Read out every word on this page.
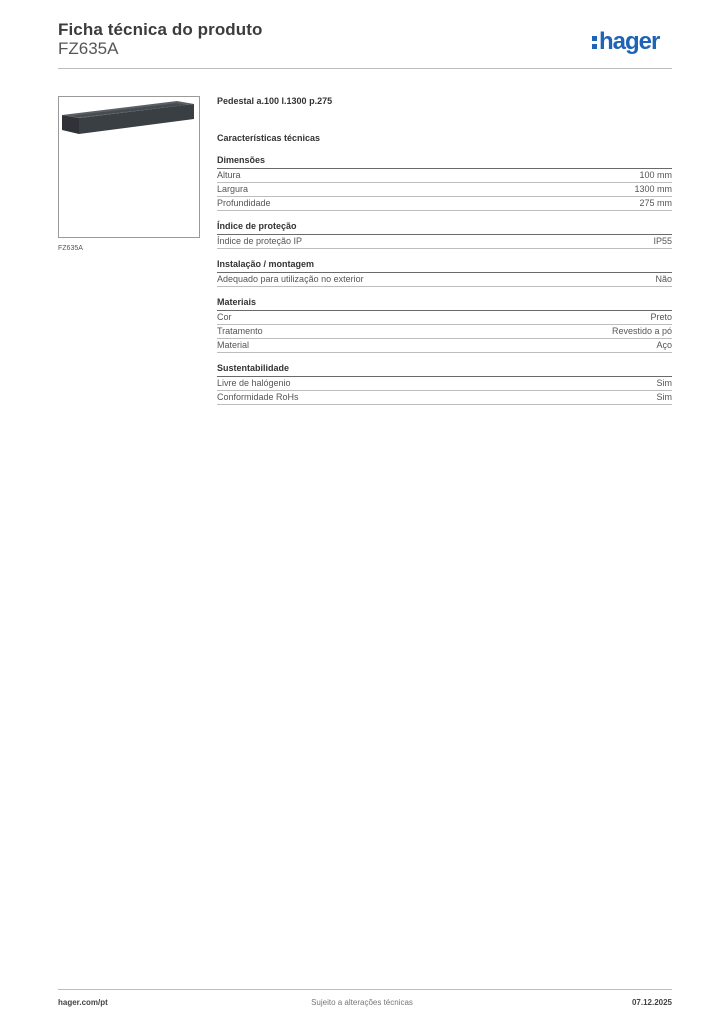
Ficha técnica do produto
FZ635A	hager
FZ635A
Pedestal a.100 l.1300 p.275
Características técnicas
Dimensões
Altura	100 mm
Largura	1300 mm
Profundidade	275 mm
Índice de proteção
Índice de proteção IP	IP55
Instalação / montagem
Adequado para utilização no exterior	Não
Materiais
Cor	Preto
Tratamento	Revestido a pó
Material	Aço
Sustentabilidade
Livre de halógenio	Sim
Conformidade RoHs	Sim
hager.com/pt	Sujeito a alterações técnicas	07.12.2025
